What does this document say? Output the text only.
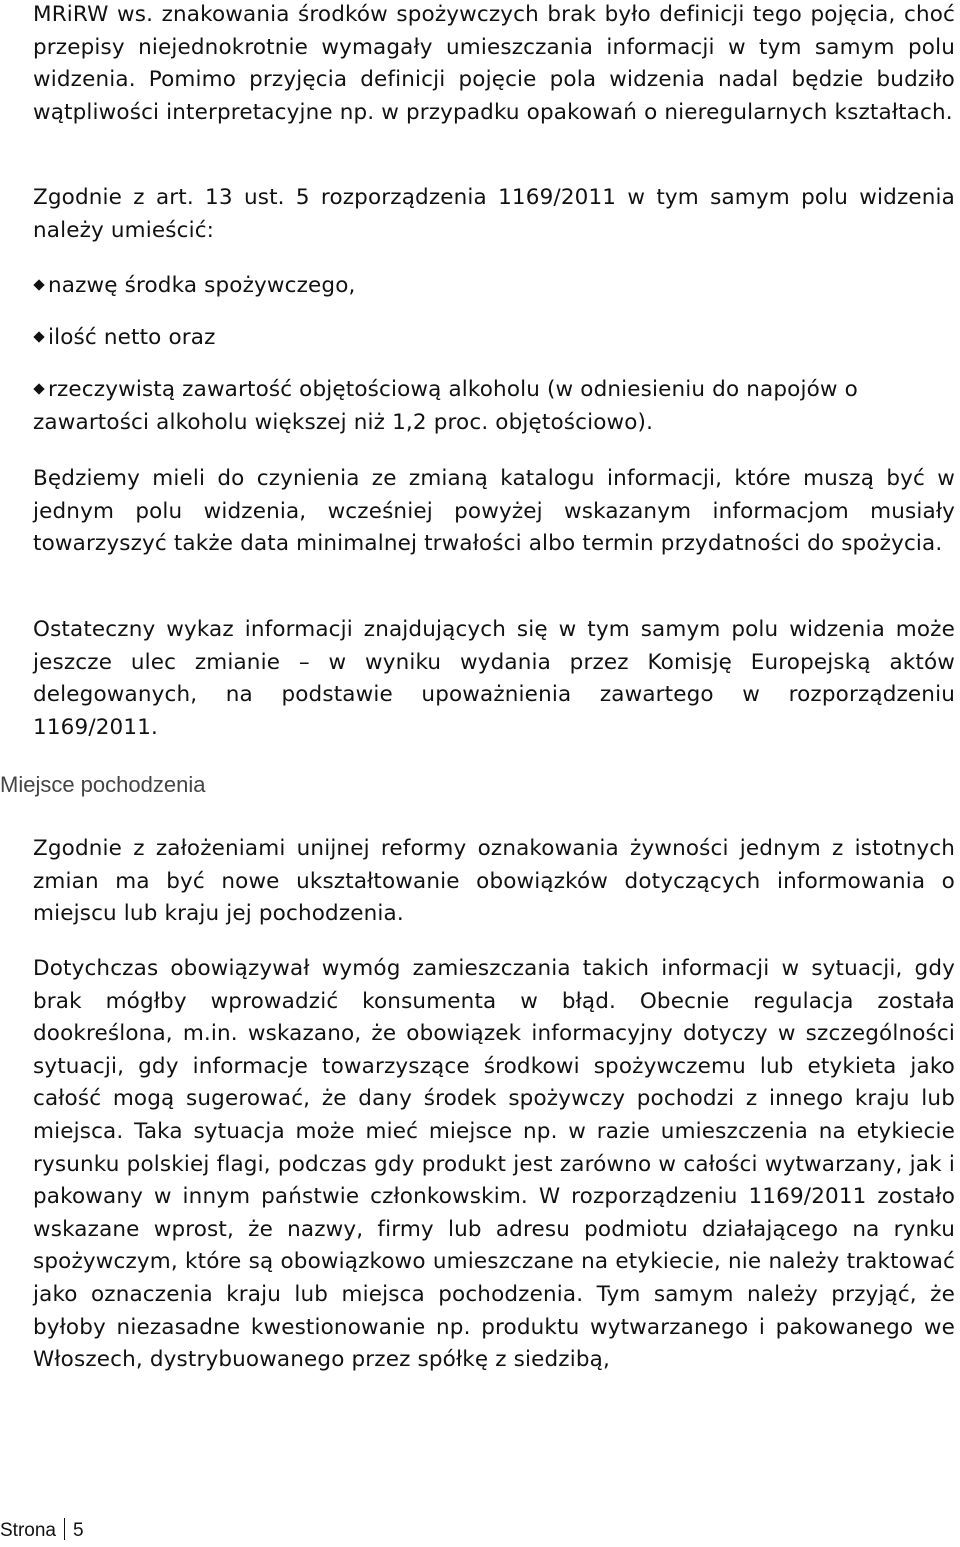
MRiRW ws. znakowania środków spożywczych brak było definicji tego pojęcia, choć przepisy niejednokrotnie wymagały umieszczania informacji w tym samym polu widzenia. Pomimo przyjęcia definicji pojęcie pola widzenia nadal będzie budziło wątpliwości interpretacyjne np. w przypadku opakowań o nieregularnych kształtach.

Zgodnie z art. 13 ust. 5 rozporządzenia 1169/2011 w tym samym polu widzenia należy umieścić:

nazwę środka spożywczego,
ilość netto oraz
rzeczywistą zawartość objętościową alkoholu (w odniesieniu do napojów o zawartości alkoholu większej niż 1,2 proc. objętościowo).

Będziemy mieli do czynienia ze zmianą katalogu informacji, które muszą być w jednym polu widzenia, wcześniej powyżej wskazanym informacjom musiały towarzyszyć także data minimalnej trwałości albo termin przydatności do spożycia.

Ostateczny wykaz informacji znajdujących się w tym samym polu widzenia może jeszcze ulec zmianie – w wyniku wydania przez Komisję Europejską aktów delegowanych, na podstawie upoważnienia zawartego w rozporządzeniu 1169/2011.

Miejsce pochodzenia

Zgodnie z założeniami unijnej reformy oznakowania żywności jednym z istotnych zmian ma być nowe ukształtowanie obowiązków dotyczących informowania o miejscu lub kraju jej pochodzenia.

Dotychczas obowiązywał wymóg zamieszczania takich informacji w sytuacji, gdy brak mógłby wprowadzić konsumenta w błąd. Obecnie regulacja została dookreślona, m.in. wskazano, że obowiązek informacyjny dotyczy w szczególności sytuacji, gdy informacje towarzyszące środkowi spożywczemu lub etykieta jako całość mogą sugerować, że dany środek spożywczy pochodzi z innego kraju lub miejsca. Taka sytuacja może mieć miejsce np. w razie umieszczenia na etykiecie rysunku polskiej flagi, podczas gdy produkt jest zarówno w całości wytwarzany, jak i pakowany w innym państwie członkowskim. W rozporządzeniu 1169/2011 zostało wskazane wprost, że nazwy, firmy lub adresu podmiotu działającego na rynku spożywczym, które są obowiązkowo umieszczane na etykiecie, nie należy traktować jako oznaczenia kraju lub miejsca pochodzenia. Tym samym należy przyjąć, że byłoby niezasadne kwestionowanie np. produktu wytwarzanego i pakowanego we Włoszech, dystrybuowanego przez spółkę z siedzibą,

Strona 5
